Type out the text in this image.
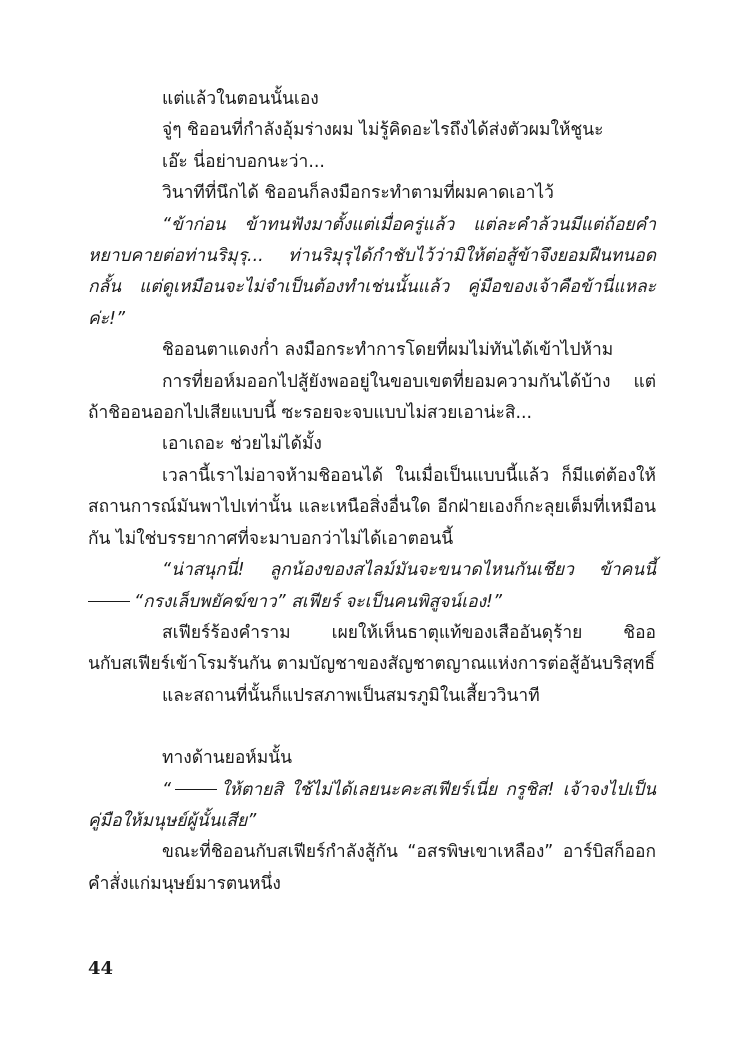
แต่แล้วในตอนนั้นเอง

จู่ๆ ชิออนที่กำลังอุ้มร่างผม ไม่รู้คิดอะไรถึงได้ส่งตัวผมให้ชูนะ

เอ๊ะ นี่อย่าบอกนะว่า...

วินาทีที่นึกได้ ชิออนก็ลงมือกระทำตามที่ผมคาดเอาไว้

“ข้าก่อน ข้าทนฟังมาตั้งแต่เมื่อครู่แล้ว แต่ละคำล้วนมีแต่ถ้อยคำหยาบคายต่อท่านริมุรุ... ท่านริมุรุได้กำชับไว้ว่ามิให้ต่อสู้ข้าจึงยอมฝืนทนอดกลั้น แต่ดูเหมือนจะไม่จำเป็นต้องทำเช่นนั้นแล้ว คู่มือของเจ้าคือข้านี่แหละค่ะ!”

ชิออนตาแดงก่ำ ลงมือกระทำการโดยที่ผมไม่ทันได้เข้าไปห้าม

การที่ยอห์มออกไปสู้ยังพออยู่ในขอบเขตที่ยอมความกันได้บ้าง แต่ถ้าชิออนออกไปเสียแบบนี้ ซะรอยจะจบแบบไม่สวยเอาน่ะสิ...

เอาเถอะ ช่วยไม่ได้มั้ง

เวลานี้เราไม่อาจห้ามชิออนได้ ในเมื่อเป็นแบบนี้แล้ว ก็มีแต่ต้องให้สถานการณ์มันพาไปเท่านั้น และเหนือสิ่งอื่นใด อีกฝ่ายเองก็กะลุยเต็มที่เหมือนกัน ไม่ใช่บรรยากาศที่จะมาบอกว่าไม่ได้เอาตอนนี้

“น่าสนุกนี่! ลูกน้องของสไลม์มันจะขนาดไหนกันเชียว ข้าคนนี้ “กรงเล็บพยัคฆ์ขาว” สเฟียร์ จะเป็นคนพิสูจน์เอง!”

สเฟียร์ร้องคำราม เผยให้เห็นธาตุแท้ของเสืออันดุร้าย ชิออนกับสเฟียร์เข้าโรมรันกัน ตามบัญชาของสัญชาตญาณแห่งการต่อสู้อันบริสุทธิ์

และสถานที่นั้นก็แปรสภาพเป็นสมรภูมิในเสี้ยววินาที

ทางด้านยอห์มนั้น

“	ให้ตายสิ ใช้ไม่ได้เลยนะคะสเฟียร์เนี่ย กรูชิส! เจ้าจงไปเป็นคู่มือให้มนุษย์ผู้นั้นเสีย”

ขณะที่ชิออนกับสเฟียร์กำลังสู้กัน “อสรพิษเขาเหลือง” อาร์บิสก็ออกคำสั่งแก่มนุษย์มารตนหนึ่ง

44
